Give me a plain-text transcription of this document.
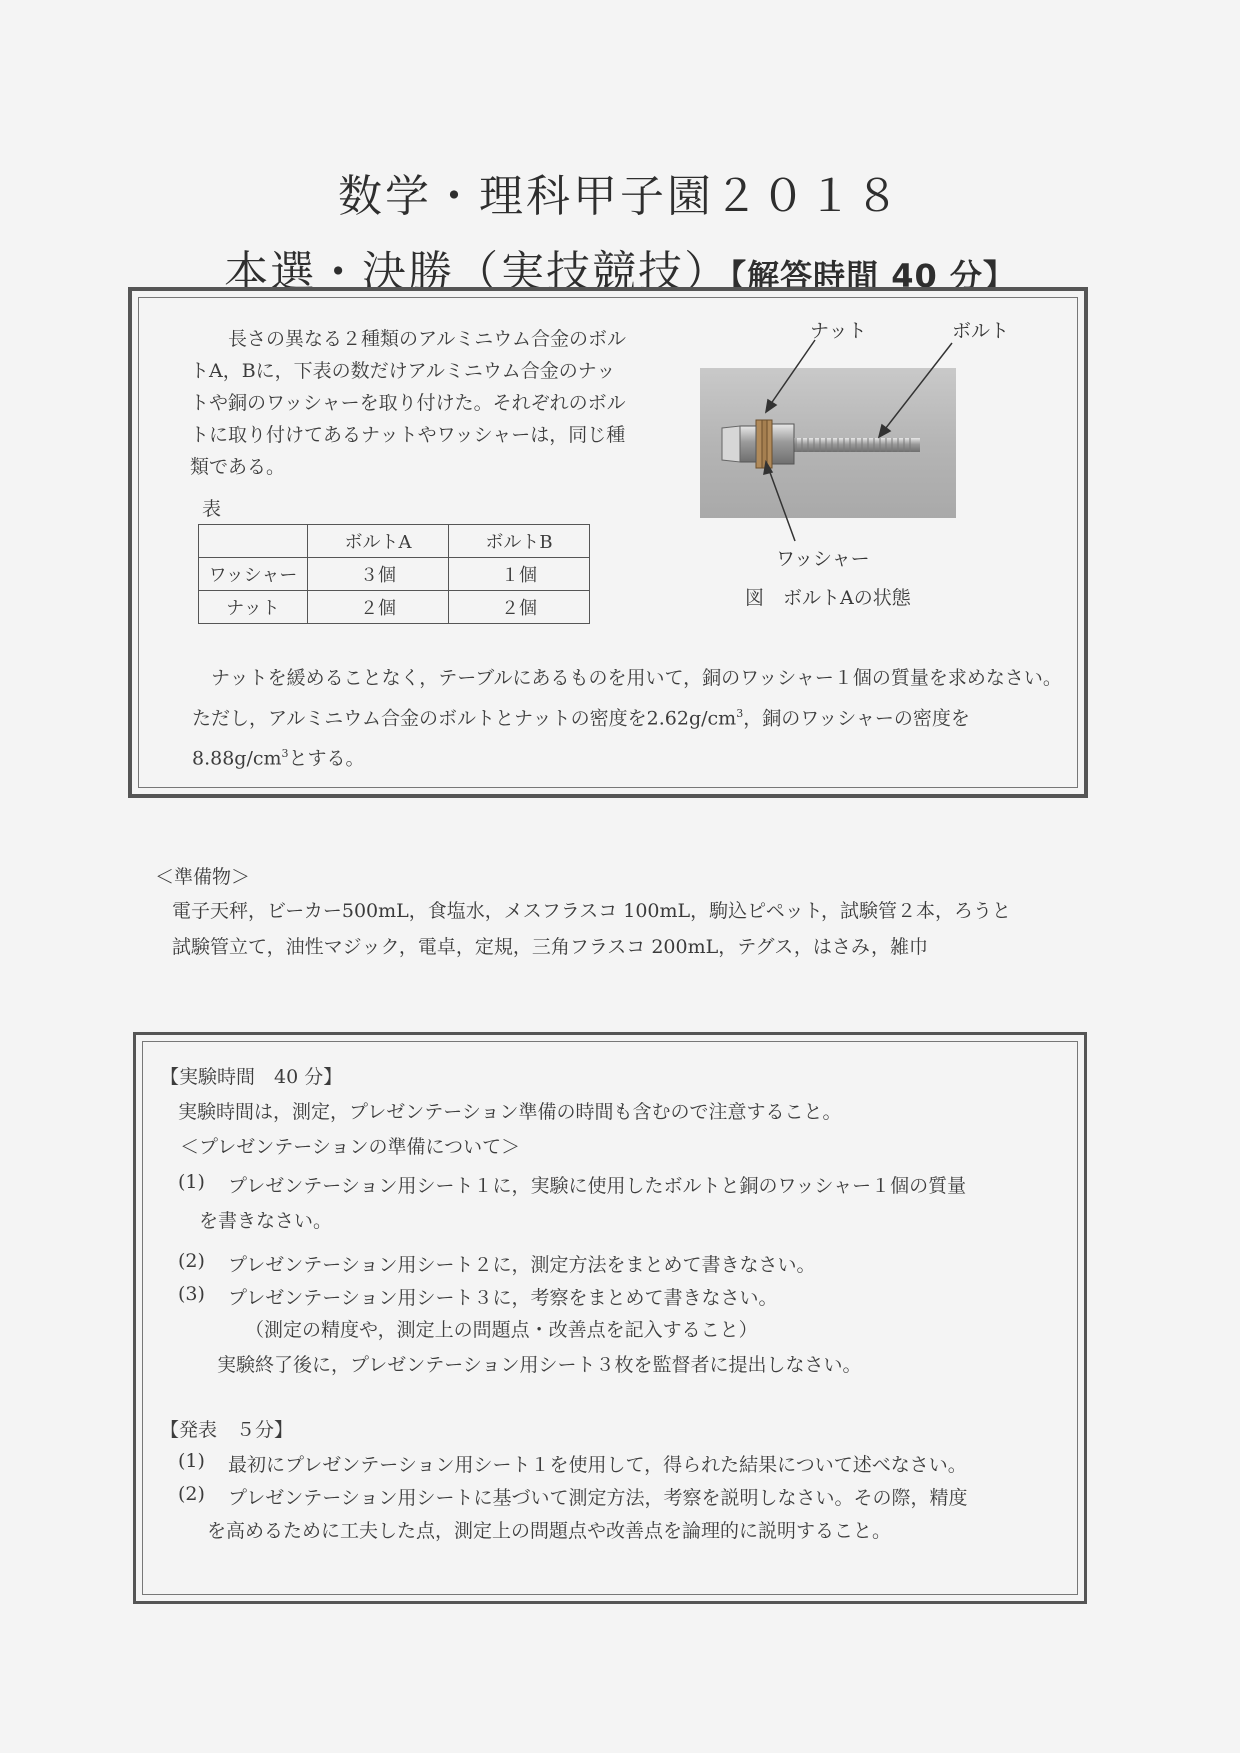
数学・理科甲子園２０１８
本選・決勝（実技競技）【解答時間 40 分】
長さの異なる２種類のアルミニウム合金のボルトA，Bに，下表の数だけアルミニウム合金のナットや銅のワッシャーを取り付けた。それぞれのボルトに取り付けてあるナットやワッシャーは，同じ種類である。
表
	ボルトA	ボルトB
ワッシャー	３個	１個
ナット	２個	２個
ナット	ボルト
ワッシャー
図　ボルトAの状態
ナットを緩めることなく，テーブルにあるものを用いて，銅のワッシャー１個の質量を求めなさい。ただし，アルミニウム合金のボルトとナットの密度を$2.62g/cm^3$，銅のワッシャーの密度を
$8.88g/cm^3$とする。
＜準備物＞
電子天秤，ビーカー500mL，食塩水，メスフラスコ 100mL，駒込ピペット，試験管２本，ろうと
試験管立て，油性マジック，電卓，定規，三角フラスコ 200mL，テグス，はさみ，雑巾
【実験時間　40 分】
実験時間は，測定，プレゼンテーション準備の時間も含むので注意すること。
＜プレゼンテーションの準備について＞
(1) プレゼンテーション用シート１に，実験に使用したボルトと銅のワッシャー１個の質量
を書きなさい。
(2) プレゼンテーション用シート２に，測定方法をまとめて書きなさい。
(3) プレゼンテーション用シート３に，考察をまとめて書きなさい。
（測定の精度や，測定上の問題点・改善点を記入すること）
実験終了後に，プレゼンテーション用シート３枚を監督者に提出しなさい。
【発表　５分】
(1) 最初にプレゼンテーション用シート１を使用して，得られた結果について述べなさい。
(2) プレゼンテーション用シートに基づいて測定方法，考察を説明しなさい。その際，精度
を高めるために工夫した点，測定上の問題点や改善点を論理的に説明すること。
